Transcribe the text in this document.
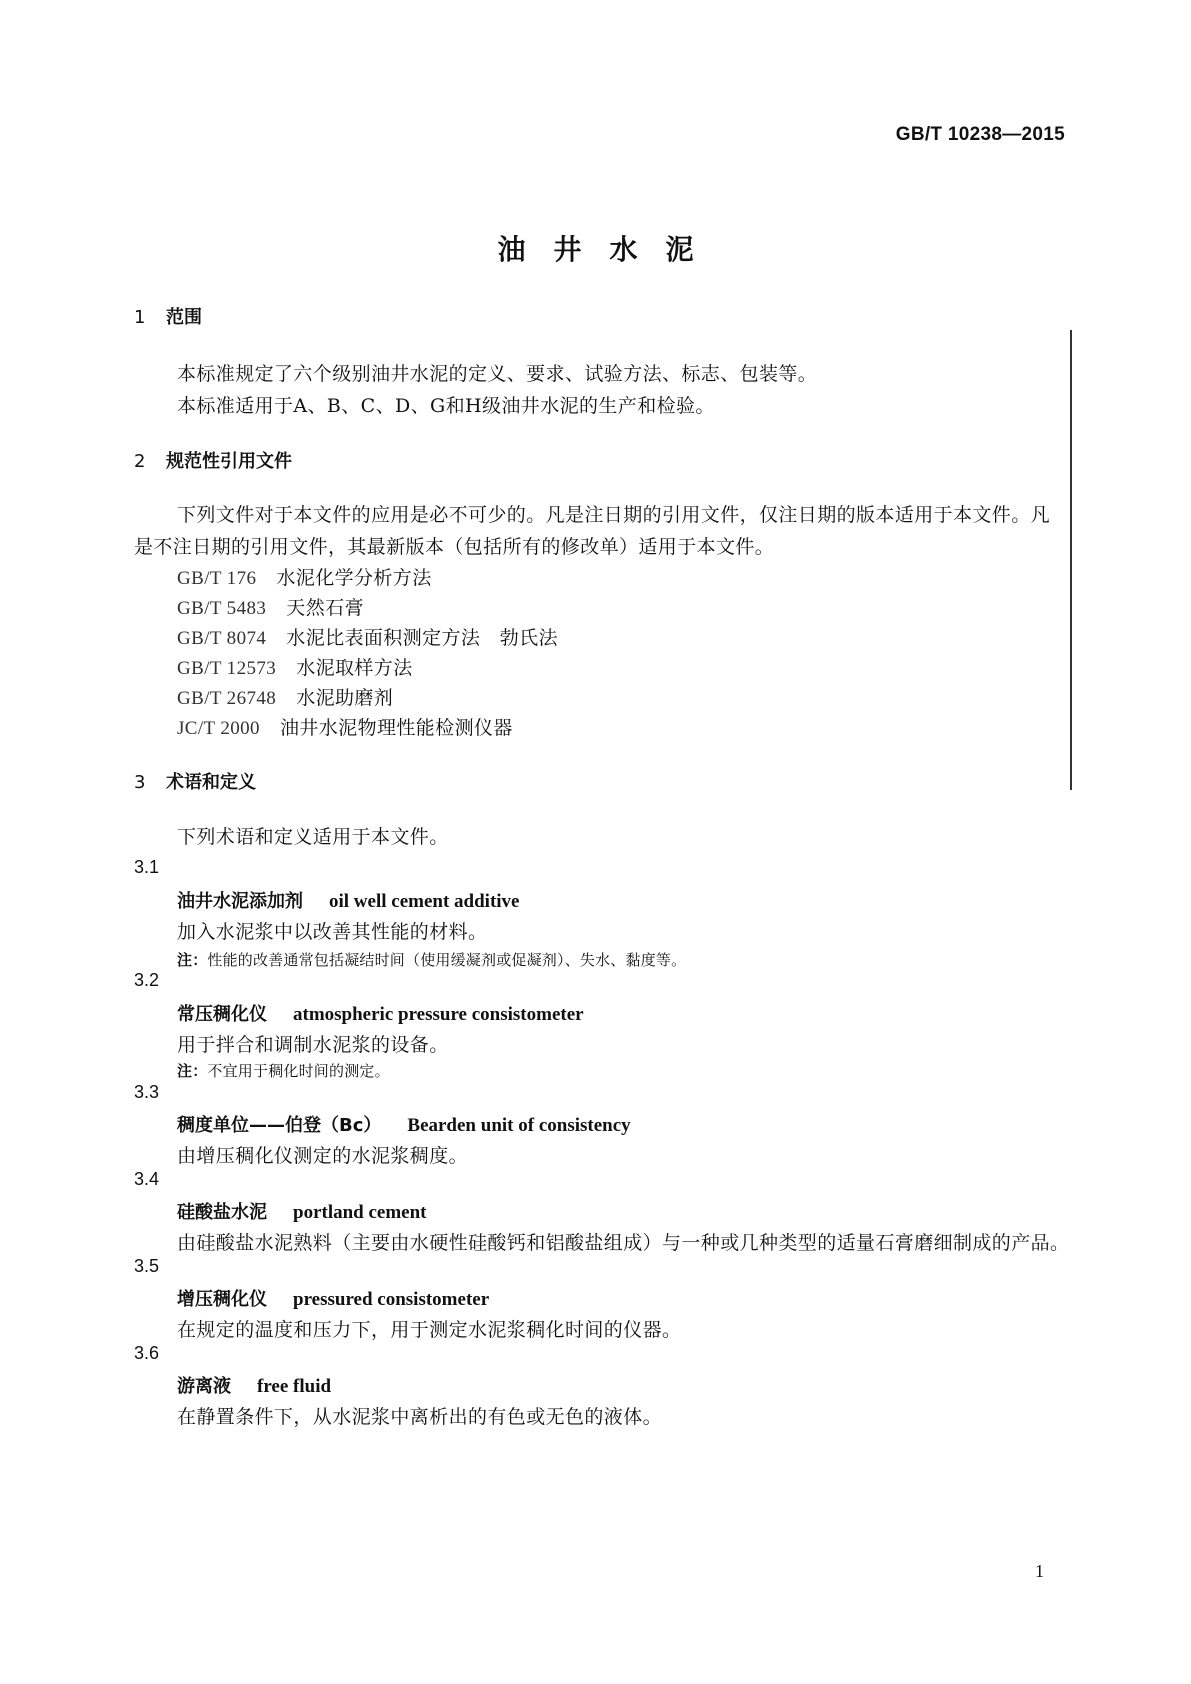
GB/T 10238—2015
油井水泥
1 范围
本标准规定了六个级别油井水泥的定义、要求、试验方法、标志、包装等。
本标准适用于A、B、C、D、G和H级油井水泥的生产和检验。
2 规范性引用文件
下列文件对于本文件的应用是必不可少的。凡是注日期的引用文件，仅注日期的版本适用于本文件。凡是不注日期的引用文件，其最新版本（包括所有的修改单）适用于本文件。
GB/T 176 水泥化学分析方法
GB/T 5483 天然石膏
GB/T 8074 水泥比表面积测定方法　勃氏法
GB/T 12573 水泥取样方法
GB/T 26748 水泥助磨剂
JC/T 2000 油井水泥物理性能检测仪器
3 术语和定义
下列术语和定义适用于本文件。
3.1
油井水泥添加剂 oil well cement additive
加入水泥浆中以改善其性能的材料。
注：性能的改善通常包括凝结时间（使用缓凝剂或促凝剂）、失水、黏度等。
3.2
常压稠化仪 atmospheric pressure consistometer
用于拌合和调制水泥浆的设备。
注：不宜用于稠化时间的测定。
3.3
稠度单位——伯登（Bc） Bearden unit of consistency
由增压稠化仪测定的水泥浆稠度。
3.4
硅酸盐水泥 portland cement
由硅酸盐水泥熟料（主要由水硬性硅酸钙和铝酸盐组成）与一种或几种类型的适量石膏磨细制成的产品。
3.5
增压稠化仪 pressured consistometer
在规定的温度和压力下，用于测定水泥浆稠化时间的仪器。
3.6
游离液 free fluid
在静置条件下，从水泥浆中离析出的有色或无色的液体。
1
